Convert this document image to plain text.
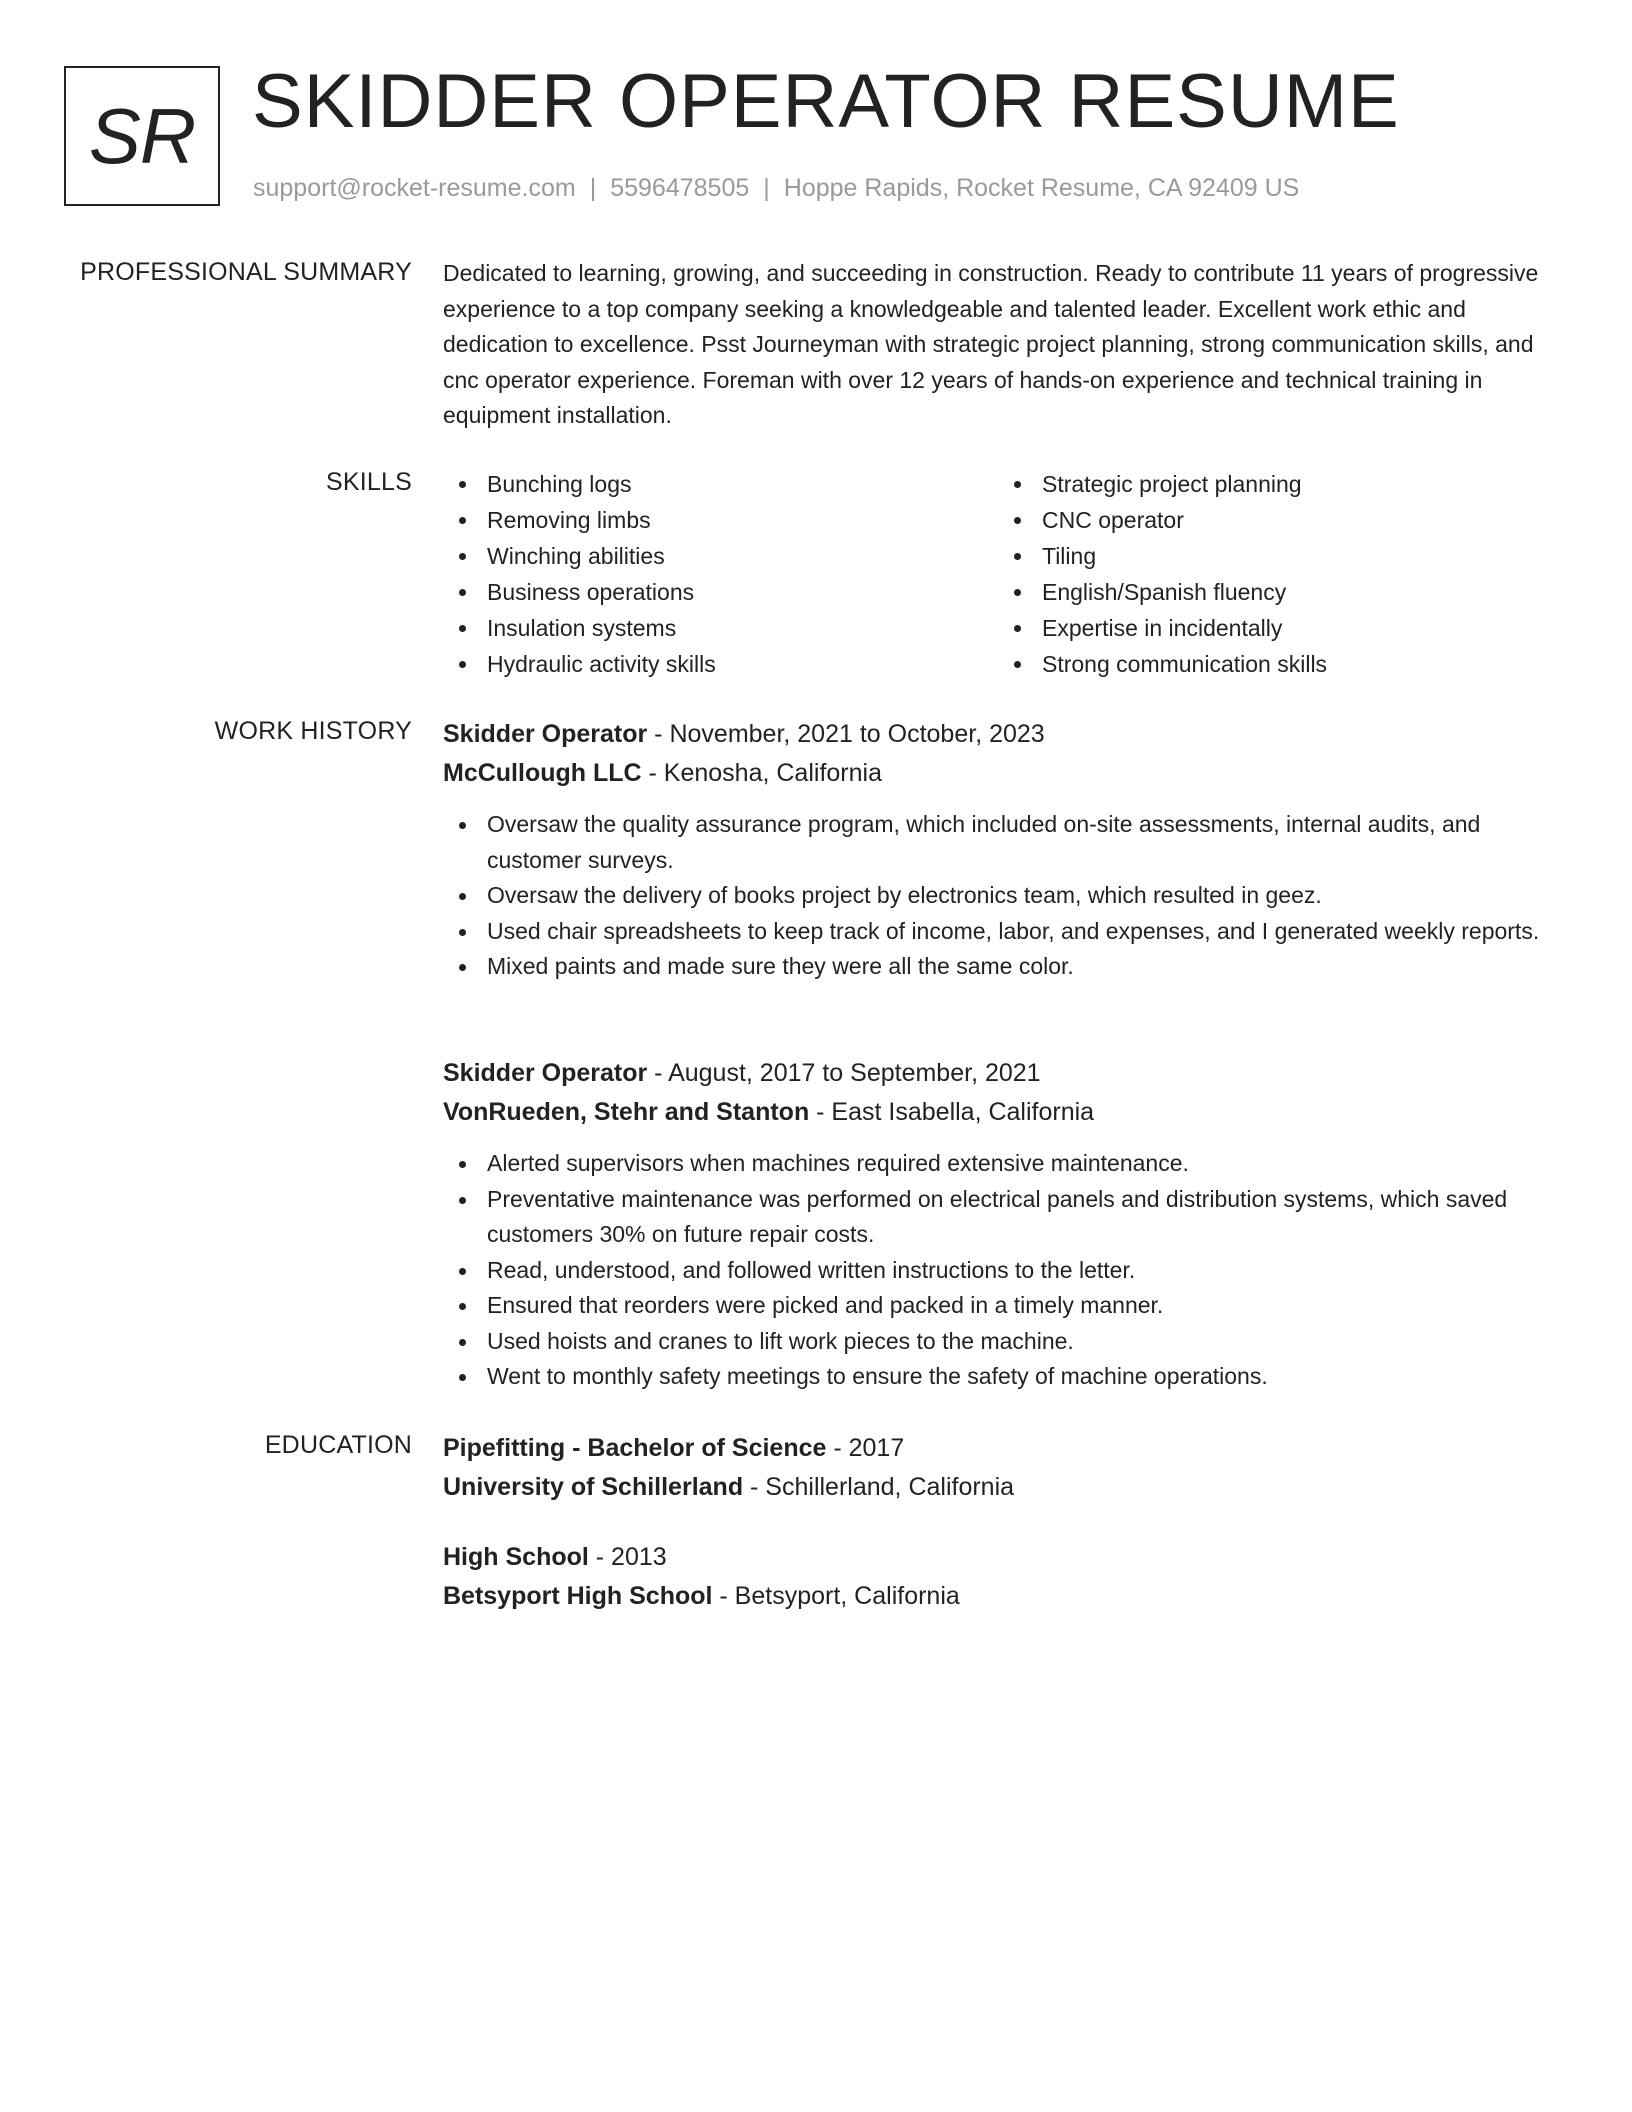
SR SKIDDER OPERATOR RESUME
support@rocket-resume.com | 5596478505 | Hoppe Rapids, Rocket Resume, CA 92409 US
PROFESSIONAL SUMMARY Dedicated to learning, growing, and succeeding in construction. Ready to contribute 11 years of progressive experience to a top company seeking a knowledgeable and talented leader. Excellent work ethic and dedication to excellence. Psst Journeyman with strategic project planning, strong communication skills, and cnc operator experience. Foreman with over 12 years of hands-on experience and technical training in equipment installation.

SKILLS	Bunching logs
Removing limbs
Winching abilities
Business operations
Insulation systems
Hydraulic activity skills
Strategic project planning
CNC operator
Tiling
English/Spanish fluency
Expertise in incidentally
Strong communication skills
WORK HISTORY Skidder Operator - November, 2021 to October, 2023
McCullough LLC - Kenosha, California
Oversaw the quality assurance program, which included on-site assessments, internal audits, and customer surveys.
Oversaw the delivery of books project by electronics team, which resulted in geez.
Used chair spreadsheets to keep track of income, labor, and expenses, and I generated weekly reports.
Mixed paints and made sure they were all the same color.
Skidder Operator - August, 2017 to September, 2021
VonRueden, Stehr and Stanton - East Isabella, California
Alerted supervisors when machines required extensive maintenance.
Preventative maintenance was performed on electrical panels and distribution systems, which saved customers 30% on future repair costs.
Read, understood, and followed written instructions to the letter.
Ensured that reorders were picked and packed in a timely manner.
Used hoists and cranes to lift work pieces to the machine.
Went to monthly safety meetings to ensure the safety of machine operations.
EDUCATION Pipefitting - Bachelor of Science - 2017
University of Schillerland - Schillerland, California
High School - 2013
Betsyport High School - Betsyport, California
